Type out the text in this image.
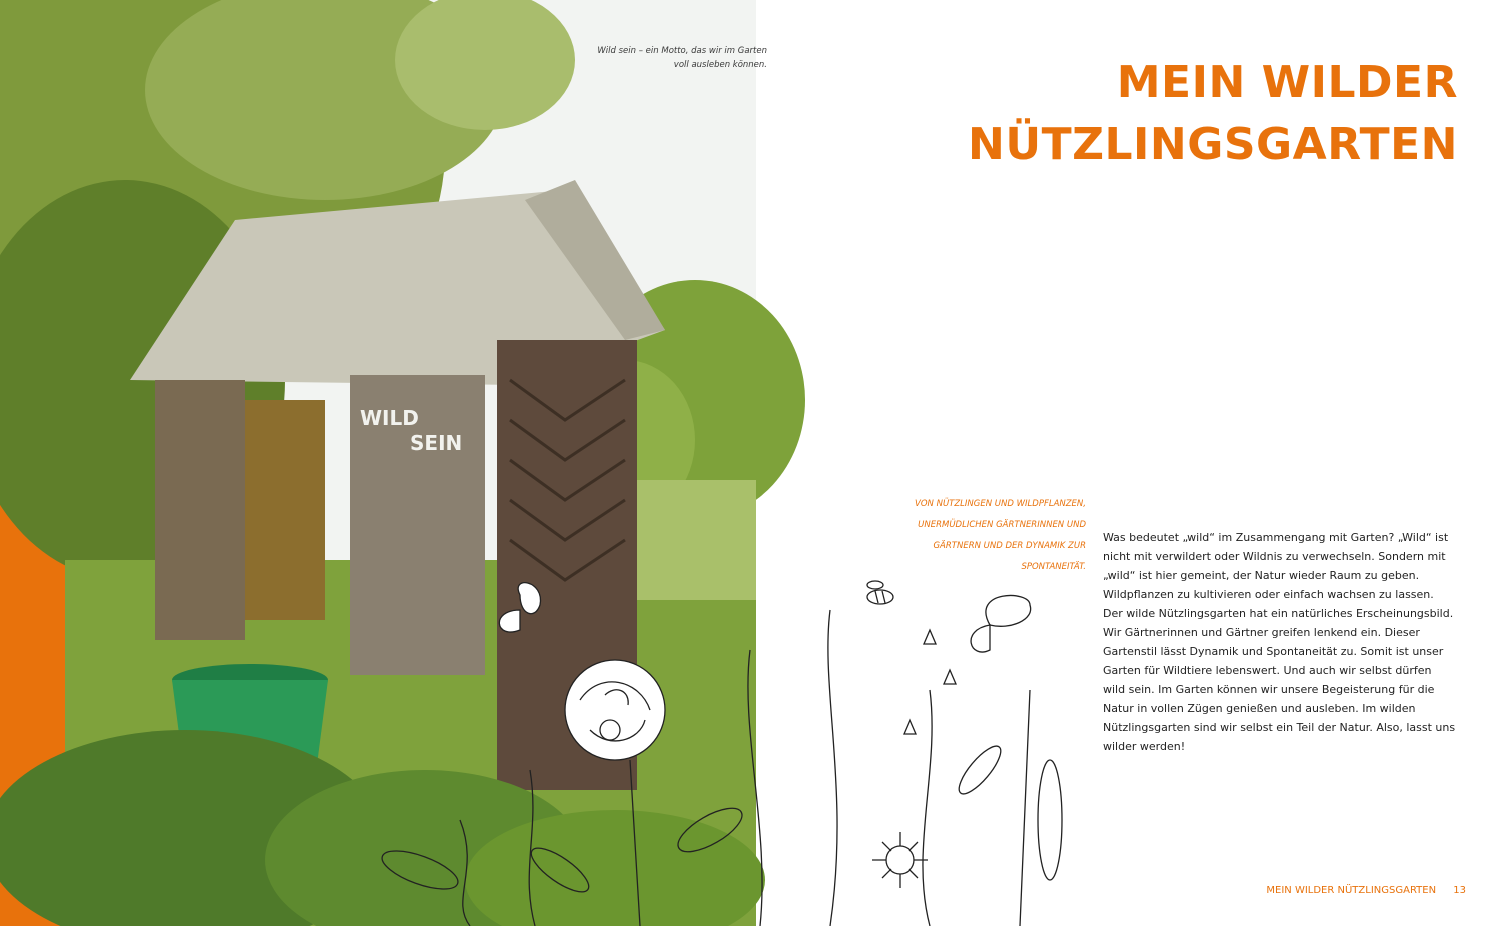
WILD
SEIN
Wild sein – ein Motto, das wir im Garten voll ausleben können.	MEIN WILDER
NÜTZLINGSGARTEN
VON NÜTZLINGEN UND WILDPFLANZEN, UNERMÜDLICHEN GÄRTNERINNEN UND GÄRTNERN UND DER DYNAMIK ZUR SPONTANEITÄT.
Was bedeutet „wild“ im Zusammengang mit Garten? „Wild“ ist nicht mit verwildert oder Wildnis zu verwechseln. Sondern mit „wild“ ist hier gemeint, der Natur wieder Raum zu geben. Wildpflanzen zu kultivieren oder einfach wachsen zu lassen. Der wilde Nützlingsgarten hat ein natürliches Erscheinungsbild. Wir Gärtnerinnen und Gärtner greifen lenkend ein. Dieser Gartenstil lässt Dynamik und Spontaneität zu. Somit ist unser Garten für Wildtiere lebenswert. Und auch wir selbst dürfen wild sein. Im Garten können wir unsere Begeisterung für die Natur in vollen Zügen genießen und ausleben. Im wilden Nützlingsgarten sind wir selbst ein Teil der Natur. Also, lasst uns wilder werden!
MEIN WILDER NÜTZLINGSGARTEN 13
